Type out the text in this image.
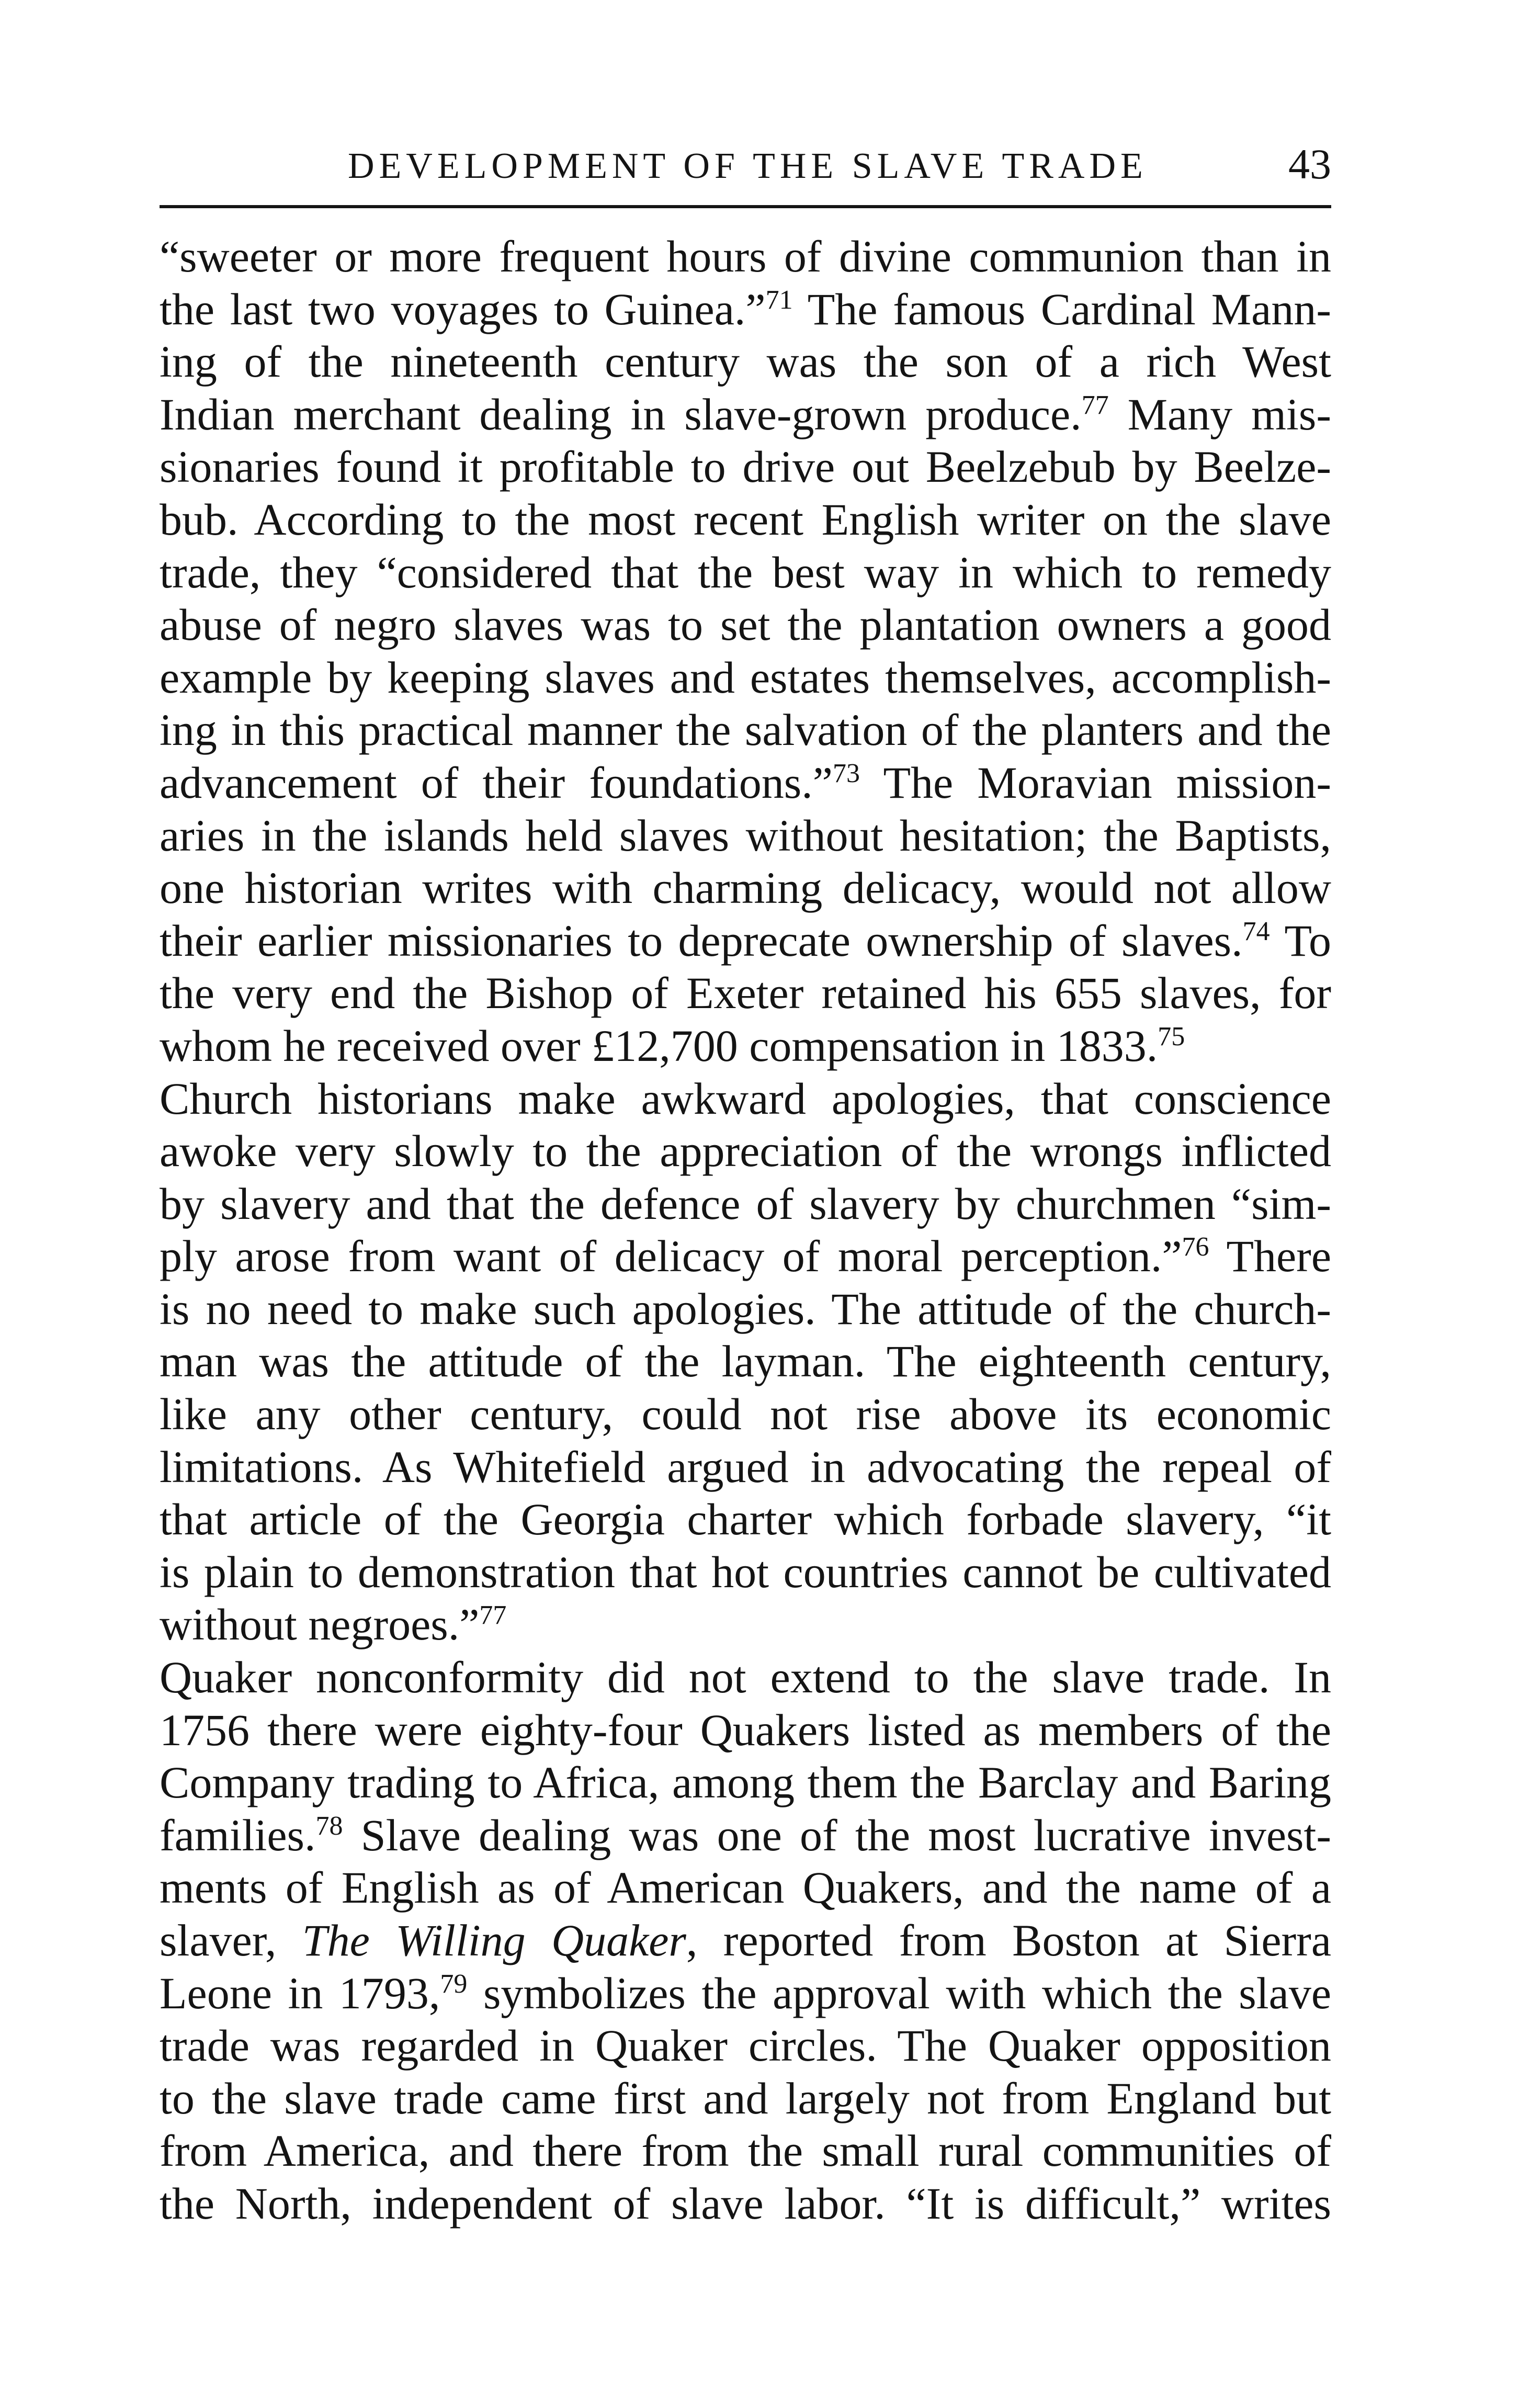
DEVELOPMENT OF THE SLAVE TRADE	43
“sweeter or more frequent hours of divine communion than in
the last two voyages to Guinea.”$^{71}$ The famous Cardinal Mann-
ing of the nineteenth century was the son of a rich West
Indian merchant dealing in slave-grown produce.$^{77}$ Many mis-
sionaries found it profitable to drive out Beelzebub by Beelze-
bub. According to the most recent English writer on the slave
trade, they “considered that the best way in which to remedy
abuse of negro slaves was to set the plantation owners a good
example by keeping slaves and estates themselves, accomplish-
ing in this practical manner the salvation of the planters and the
advancement of their foundations.”$^{73}$ The Moravian mission-
aries in the islands held slaves without hesitation; the Baptists,
one historian writes with charming delicacy, would not allow
their earlier missionaries to deprecate ownership of slaves.$^{74}$ To
the very end the Bishop of Exeter retained his 655 slaves, for
whom he received over £12,700 compensation in 1833.75
Church historians make awkward apologies, that conscience
awoke very slowly to the appreciation of the wrongs inflicted
by slavery and that the defence of slavery by churchmen “sim-
ply arose from want of delicacy of moral perception.”$^{76}$ There
is no need to make such apologies. The attitude of the church-
man was the attitude of the layman. The eighteenth century,
like any other century, could not rise above its economic
limitations. As Whitefield argued in advocating the repeal of
that article of the Georgia charter which forbade slavery, “it
is plain to demonstration that hot countries cannot be cultivated
without negroes.”$^{77}$
Quaker nonconformity did not extend to the slave trade. In
1756 there were eighty-four Quakers listed as members of the
Company trading to Africa, among them the Barclay and Baring
families.$^{78}$ Slave dealing was one of the most lucrative invest-
ments of English as of American Quakers, and the name of a
slaver, The Willing Quaker, reported from Boston at Sierra
Leone in 1793,79 symbolizes the approval with which the slave
trade was regarded in Quaker circles. The Quaker opposition
to the slave trade came first and largely not from England but
from America, and there from the small rural communities of
the North, independent of slave labor. “It is difficult,” writes
